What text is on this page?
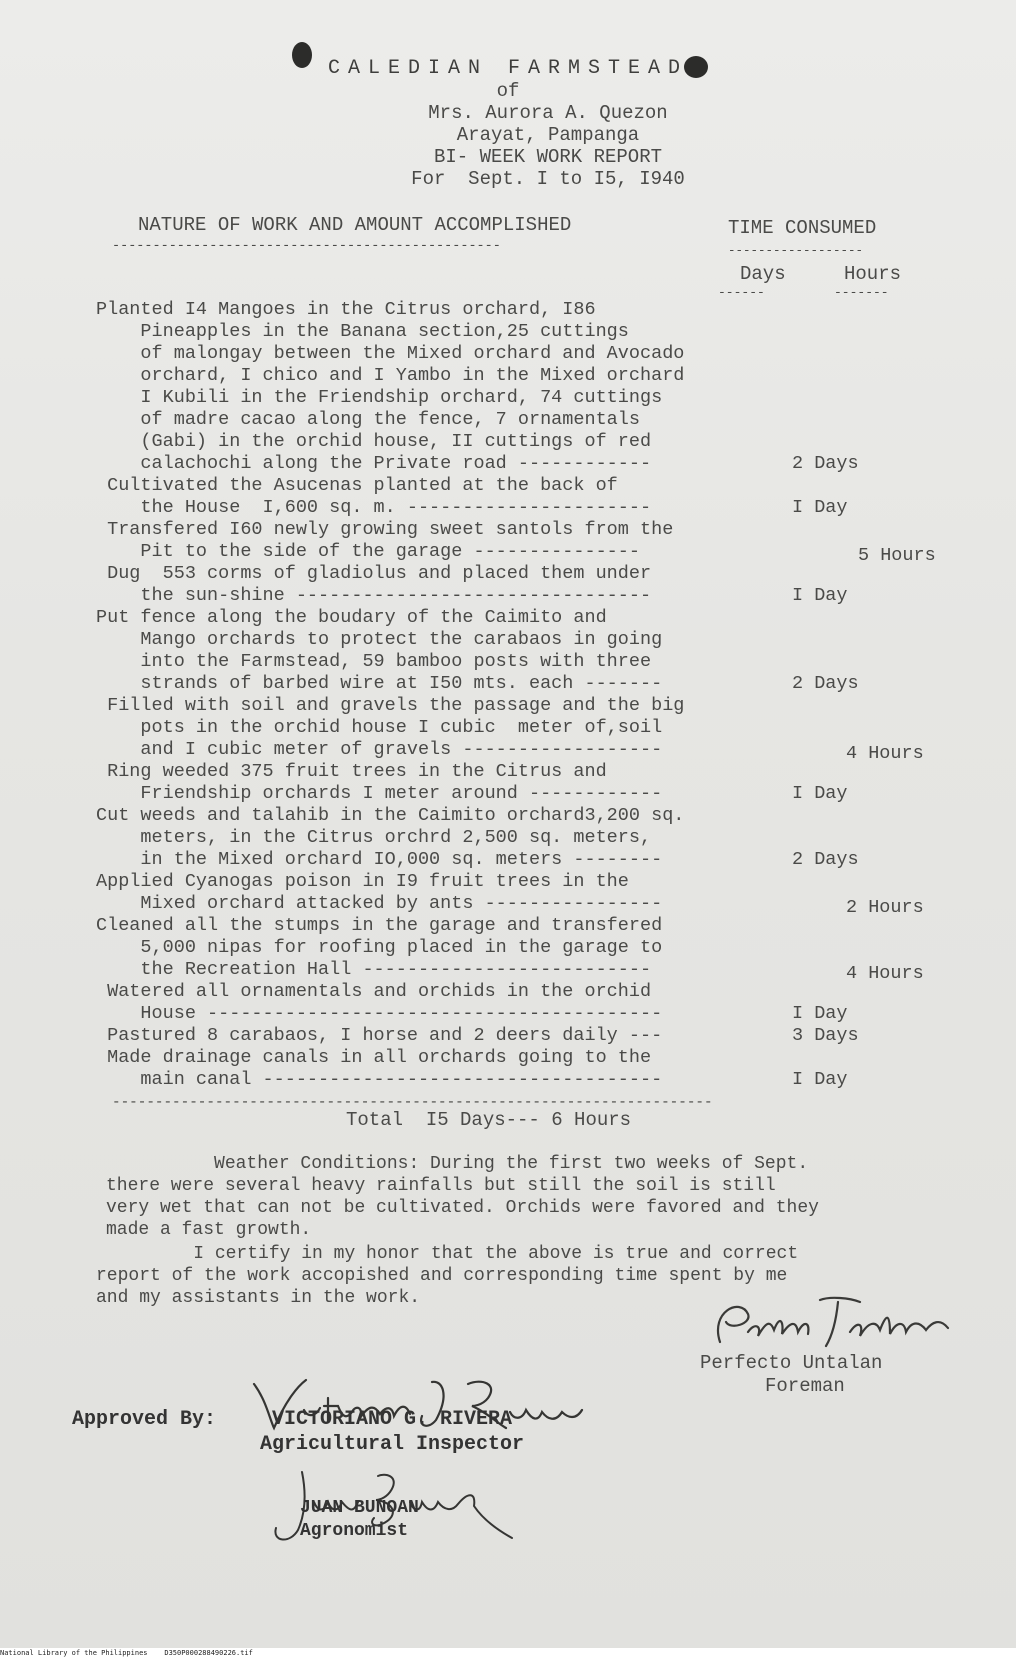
CALEDIAN FARMSTEAD
of
Mrs. Aurora A. Quezon
Arayat, Pampanga
BI- WEEK WORK REPORT
For  Sept. I to I5, I940
NATURE OF WORK AND AMOUNT ACCOMPLISHED
------------------------------------------------
TIME CONSUMED
------------------
Days	Hours
------	-------
Planted I4 Mangoes in the Citrus orchard, I86
Pineapples in the Banana section,25 cuttings
of malongay between the Mixed orchard and Avocado
orchard, I chico and I Yambo in the Mixed orchard
I Kubili in the Friendship orchard, 74 cuttings
of madre cacao along the fence, 7 ornamentals
(Gabi) in the orchid house, II cuttings of red
calachochi along the Private road ------------	2 Days
Cultivated the Asucenas planted at the back of
the House  I,600 sq. m. ----------------------	I Day
Transfered I60 newly growing sweet santols from the
Pit to the side of the garage ---------------	5 Hours
Dug  553 corms of gladiolus and placed them under
the sun-shine --------------------------------	I Day
Put fence along the boudary of the Caimito and
Mango orchards to protect the carabaos in going
into the Farmstead, 59 bamboo posts with three
strands of barbed wire at I50 mts. each -------	2 Days
Filled with soil and gravels the passage and the big
pots in the orchid house I cubic  meter of,soil
and I cubic meter of gravels ------------------	4 Hours
Ring weeded 375 fruit trees in the Citrus and
Friendship orchards I meter around ------------	I Day
Cut weeds and talahib in the Caimito orchard3,200 sq.
meters, in the Citrus orchrd 2,500 sq. meters,
in the Mixed orchard IO,000 sq. meters --------	2 Days
Applied Cyanogas poison in I9 fruit trees in the
Mixed orchard attacked by ants ----------------	2 Hours
Cleaned all the stumps in the garage and transfered
5,000 nipas for roofing placed in the garage to
the Recreation Hall --------------------------	4 Hours
Watered all ornamentals and orchids in the orchid
House -----------------------------------------	I Day
Pastured 8 carabaos, I horse and 2 deers daily ---	3 Days
Made drainage canals in all orchards going to the
main canal ------------------------------------	I Day
----------------------------------------------------------------------
Total  I5 Days--- 6 Hours
Weather Conditions: During the first two weeks of Sept.
there were several heavy rainfalls but still the soil is still
very wet that can not be cultivated. Orchids were favored and they
made a fast growth.
I certify in my honor that the above is true and correct
report of the work accopished and corresponding time spent by me
and my assistants in the work.
Perfecto Untalan
Foreman
Approved By:	VICTORIANO G. RIVERA
Agricultural Inspector
JUAN BUNOAN
Agronomist
National Library of the Philippines    D350P000288490226.tif
